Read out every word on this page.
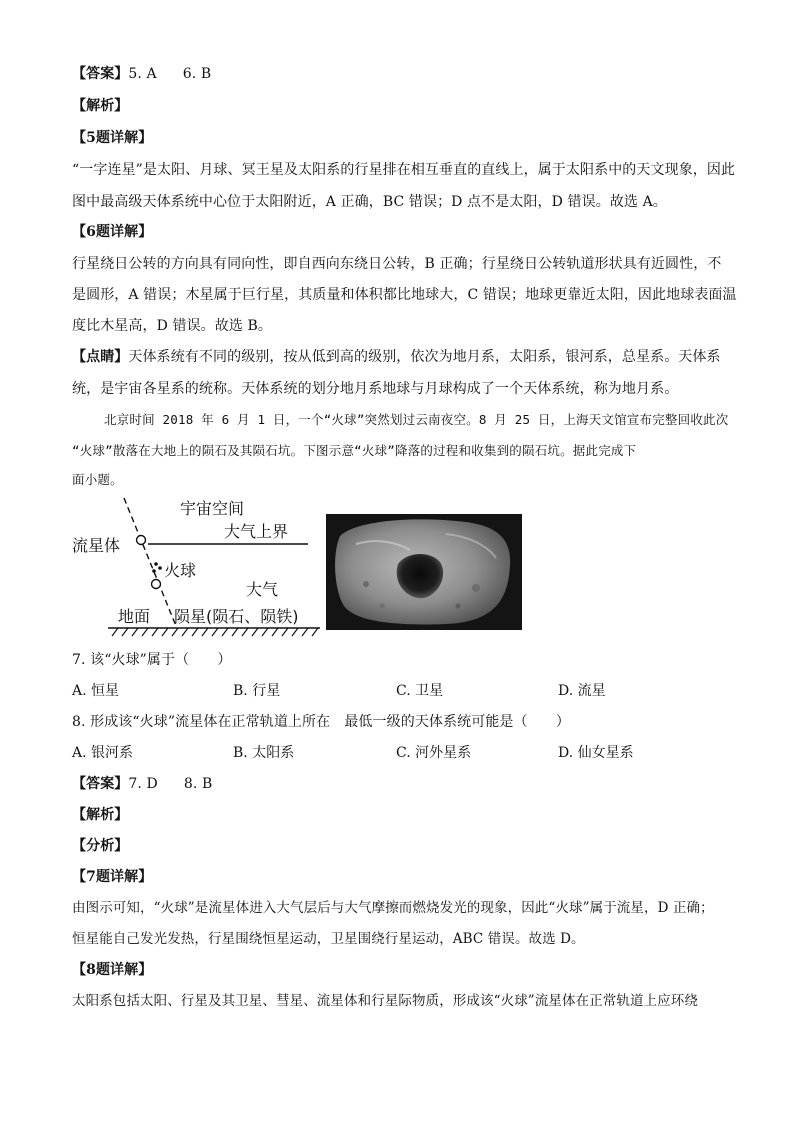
【答案】5. A 6. B
【解析】
【5题详解】
“一字连星”是太阳、月球、冥王星及太阳系的行星排在相互垂直的直线上，属于太阳系中的天文现象，因此
图中最高级天体系统中心位于太阳附近，A 正确，BC 错误；D 点不是太阳，D 错误。故选 A。
【6题详解】
行星绕日公转的方向具有同向性，即自西向东绕日公转，B 正确；行星绕日公转轨道形状具有近圆性，不
是圆形，A 错误；木星属于巨行星，其质量和体积都比地球大，C 错误；地球更靠近太阳，因此地球表面温
度比木星高，D 错误。故选 B。
【点睛】天体系统有不同的级别，按从低到高的级别，依次为地月系，太阳系，银河系，总星系。天体系
统，是宇宙各星系的统称。天体系统的划分地月系地球与月球构成了一个天体系统，称为地月系。
北京时间 2018 年 6 月 1 日，一个“火球”突然划过云南夜空。8 月 25 日，上海天文馆宣布完整回收此次
“火球”散落在大地上的陨石及其陨石坑。下图示意“火球”降落的过程和收集到的陨石坑。据此完成下
面小题。
宇宙空间
大气上界
流星体
火球
大气
地面 陨星(陨石、陨铁)
7. 该“火球”属于（　　）
A. 恒星	B. 行星	C. 卫星	D. 流星
8. 形成该“火球”流星体在正常轨道上所在　最低一级的天体系统可能是（　　）
A. 银河系	B. 太阳系	C. 河外星系	D. 仙女星系
【答案】7. D 8. B
【解析】
【分析】
【7题详解】
由图示可知，“火球”是流星体进入大气层后与大气摩擦而燃烧发光的现象，因此“火球”属于流星，D 正确；
恒星能自己发光发热，行星围绕恒星运动，卫星围绕行星运动，ABC 错误。故选 D。
【8题详解】
太阳系包括太阳、行星及其卫星、彗星、流星体和行星际物质，形成该“火球”流星体在正常轨道上应环绕
